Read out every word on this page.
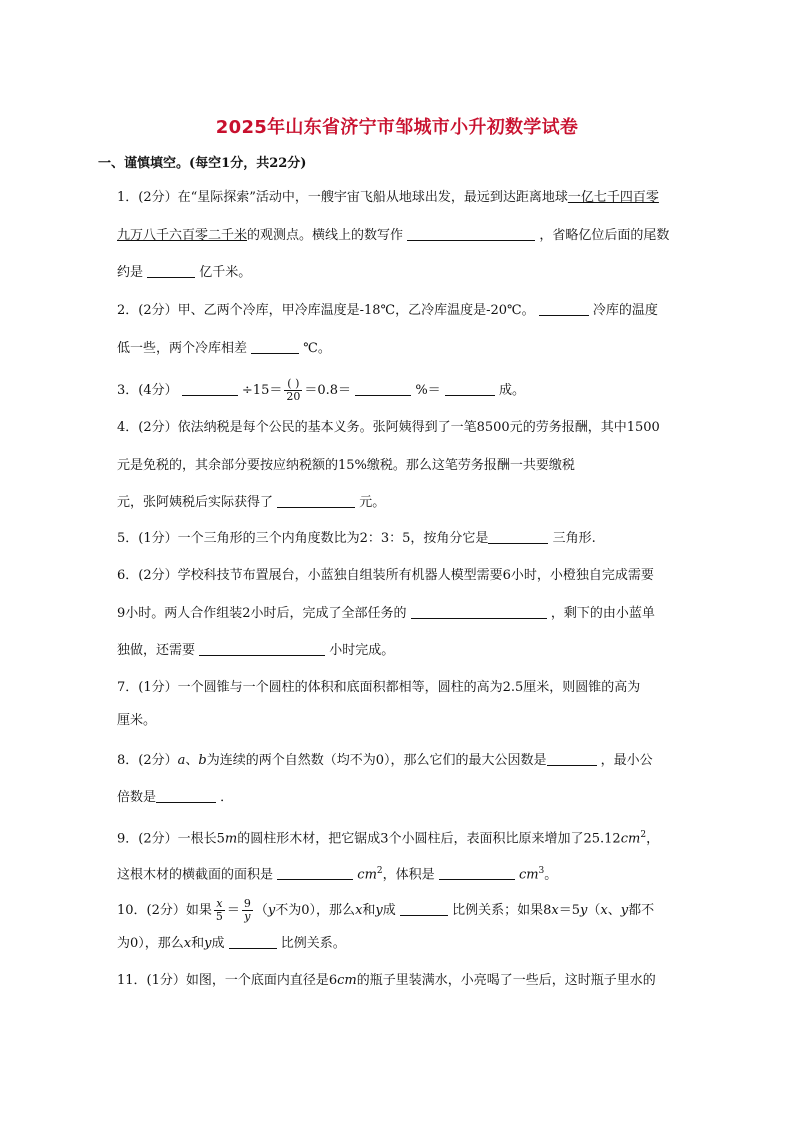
2025年山东省济宁市邹城市小升初数学试卷
一、谨慎填空。(每空1分，共22分)
1．(2分）在“星际探索”活动中，一艘宇宙飞船从地球出发，最远到达距离地球一亿七千四百零
九万八千六百零二千米的观测点。横线上的数写作	，省略亿位后面的尾数
约是	亿千米。
2．(2分）甲、乙两个冷库，甲冷库温度是-18℃，乙冷库温度是-20℃。	冷库的温度
低一些，两个冷库相差	℃。
3．(4分）	$\div 15= \frac{( )}{20} =0.8=$	%＝	成。
4．(2分）依法纳税是每个公民的基本义务。张阿姨得到了一笔8500元的劳务报酬，其中1500
元是免税的，其余部分要按应纳税额的15%缴税。那么这笔劳务报酬一共要缴税
元，张阿姨税后实际获得了	元。
5．(1分）一个三角形的三个内角度数比为2：3：5，按角分它是	三角形.
6．(2分）学校科技节布置展台，小蓝独自组装所有机器人模型需要6小时，小橙独自完成需要
9小时。两人合作组装2小时后，完成了全部任务的	，剩下的由小蓝单
独做，还需要	小时完成。
7．(1分）一个圆锥与一个圆柱的体积和底面积都相等，圆柱的高为2.5厘米，则圆锥的高为
厘米。
8．(2分）a、b为连续的两个自然数（均不为0），那么它们的最大公因数是	，最小公
倍数是	．
9．(2分）一根长5m的圆柱形木材，把它锯成3个小圆柱后，表面积比原来增加了$25.12cm^2$，
这根木材的横截面的面积是	$cm^2$，体积是	$cm^3$。
10．(2分）如果 $\frac{x}{5} = \frac{9}{y} (y$不为0），那么x和y成	比例关系；如果8x＝5y（x、y都不
为0），那么x和y成	比例关系。
11．(1分）如图，一个底面内直径是6cm的瓶子里装满水，小亮喝了一些后，这时瓶子里水的
